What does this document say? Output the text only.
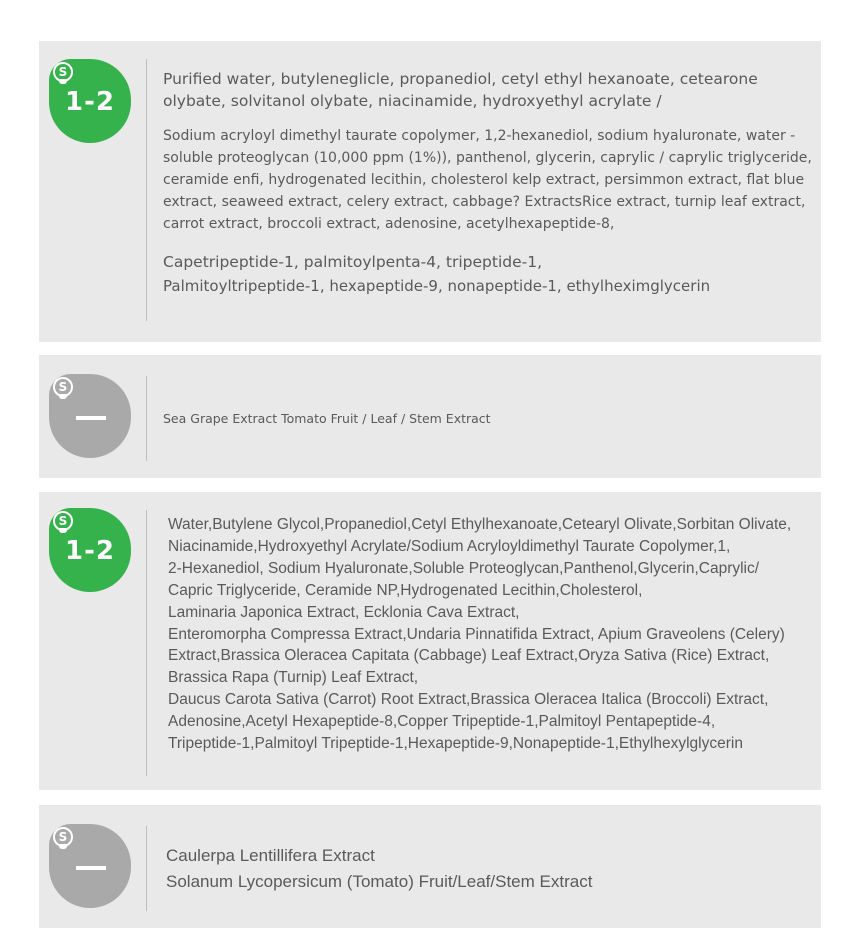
S
1-2
Purified water, butyleneglicle, propanediol, cetyl ethyl hexanoate, cetearone olybate, solvitanol olybate, niacinamide, hydroxyethyl acrylate /
Sodium acryloyl dimethyl taurate copolymer, 1,2-hexanediol, sodium hyaluronate, water -soluble proteoglycan (10,000 ppm (1%)), panthenol, glycerin, caprylic / caprylic triglyceride, ceramide enfi, hydrogenated lecithin, cholesterol kelp extract, persimmon extract, flat blue extract, seaweed extract, celery extract, cabbage? ExtractsRice extract, turnip leaf extract, carrot extract, broccoli extract, adenosine, acetylhexapeptide-8,
Capetripeptide-1, palmitoylpenta-4, tripeptide-1,
Palmitoyltripeptide-1, hexapeptide-9, nonapeptide-1, ethylheximglycerin
S
Sea Grape Extract Tomato Fruit / Leaf / Stem Extract
S
1-2
Water,Butylene Glycol,Propanediol,Cetyl Ethylhexanoate,Cetearyl Olivate,Sorbitan Olivate,
Niacinamide,Hydroxyethyl Acrylate/Sodium Acryloyldimethyl Taurate Copolymer,1,
2-Hexanediol, Sodium Hyaluronate,Soluble Proteoglycan,Panthenol,Glycerin,Caprylic/
Capric Triglyceride, Ceramide NP,Hydrogenated Lecithin,Cholesterol,
Laminaria Japonica Extract, Ecklonia Cava Extract,
Enteromorpha Compressa Extract,Undaria Pinnatifida Extract, Apium Graveolens (Celery)
Extract,Brassica Oleracea Capitata (Cabbage) Leaf Extract,Oryza Sativa (Rice) Extract,
Brassica Rapa (Turnip) Leaf Extract,
Daucus Carota Sativa (Carrot) Root Extract,Brassica Oleracea Italica (Broccoli) Extract,
Adenosine,Acetyl Hexapeptide-8,Copper Tripeptide-1,Palmitoyl Pentapeptide-4,
Tripeptide-1,Palmitoyl Tripeptide-1,Hexapeptide-9,Nonapeptide-1,Ethylhexylglycerin
S
Caulerpa Lentillifera Extract
Solanum Lycopersicum (Tomato) Fruit/Leaf/Stem Extract
